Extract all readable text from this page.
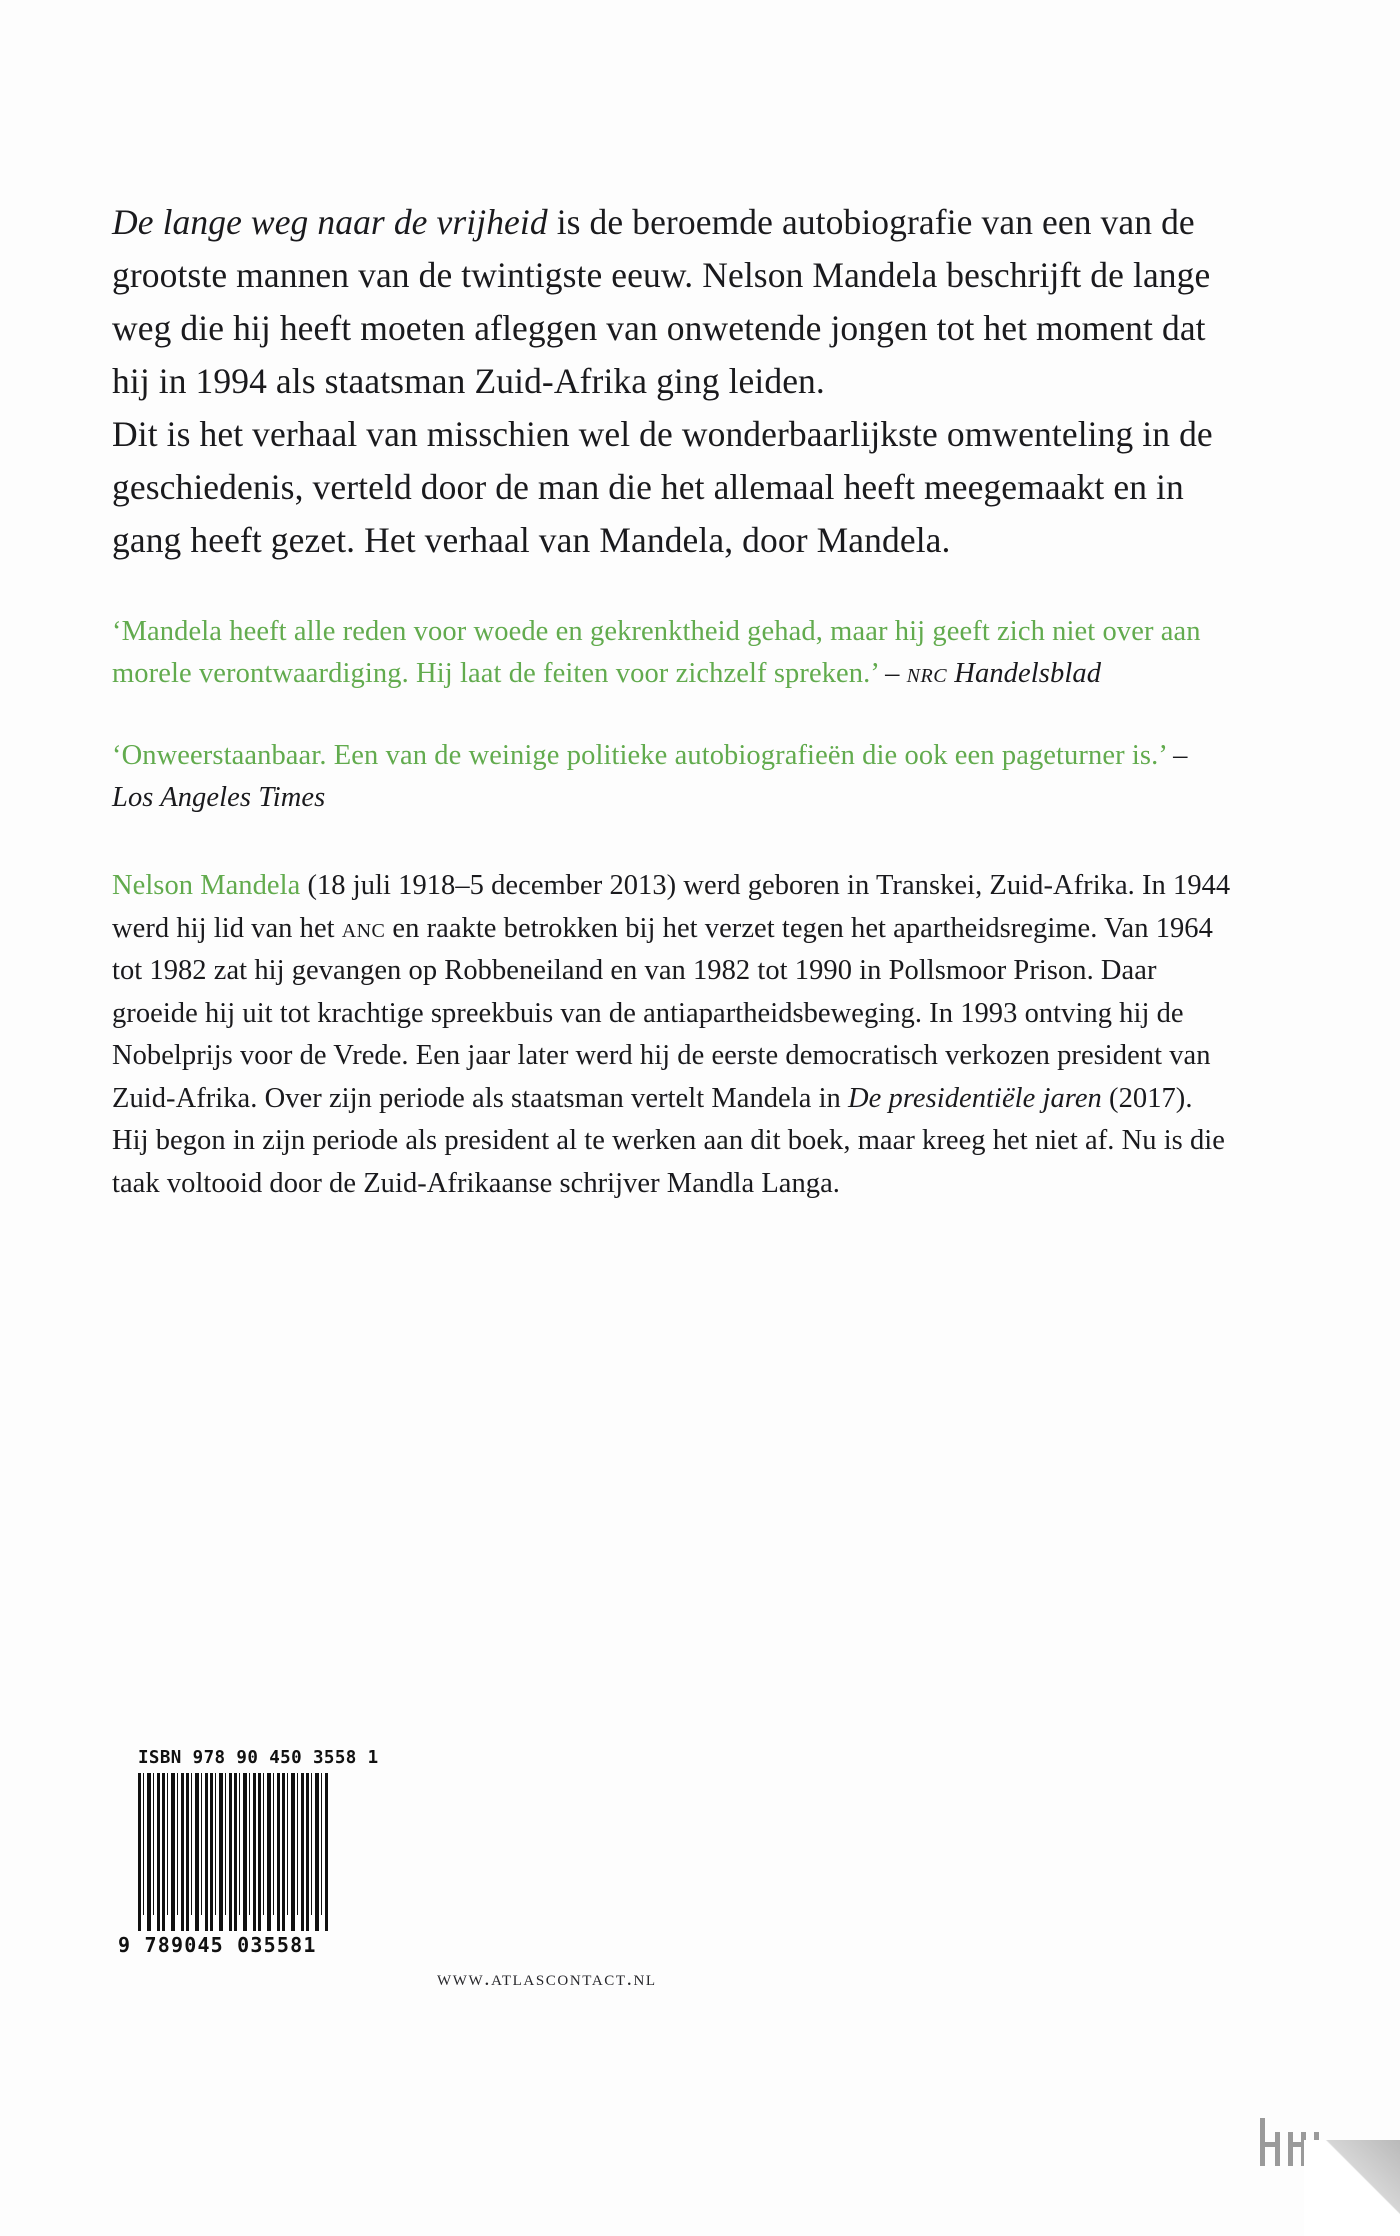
De lange weg naar de vrijheid is de beroemde autobiografie van een van de grootste mannen van de twintigste eeuw. Nelson Mandela beschrijft de lange weg die hij heeft moeten afleggen van onwetende jongen tot het moment dat hij in 1994 als staatsman Zuid-Afrika ging leiden.

Dit is het verhaal van misschien wel de wonderbaarlijkste omwenteling in de geschiedenis, verteld door de man die het allemaal heeft meegemaakt en in gang heeft gezet. Het verhaal van Mandela, door Mandela.

‘Mandela heeft alle reden voor woede en gekrenktheid gehad, maar hij geeft zich niet over aan morele verontwaardiging. Hij laat de feiten voor zichzelf spreken.’ – nrc Handelsblad
‘Onweerstaanbaar. Een van de weinige politieke autobiografieën die ook een pageturner is.’ – Los Angeles Times
Nelson Mandela (18 juli 1918–5 december 2013) werd geboren in Transkei, Zuid-Afrika. In 1944 werd hij lid van het anc en raakte betrokken bij het verzet tegen het apartheidsregime. Van 1964 tot 1982 zat hij gevangen op Robbeneiland en van 1982 tot 1990 in Pollsmoor Prison. Daar groeide hij uit tot krachtige spreekbuis van de antiapartheidsbeweging. In 1993 ontving hij de Nobelprijs voor de Vrede. Een jaar later werd hij de eerste democratisch verkozen president van Zuid-Afrika. Over zijn periode als staatsman vertelt Mandela in De presidentiële jaren (2017). Hij begon in zijn periode als president al te werken aan dit boek, maar kreeg het niet af. Nu is die taak voltooid door de Zuid-Afrikaanse schrijver Mandla Langa.
ISBN 978 90 450 3558 1
9 789045 035581
www.atlascontact.nl
